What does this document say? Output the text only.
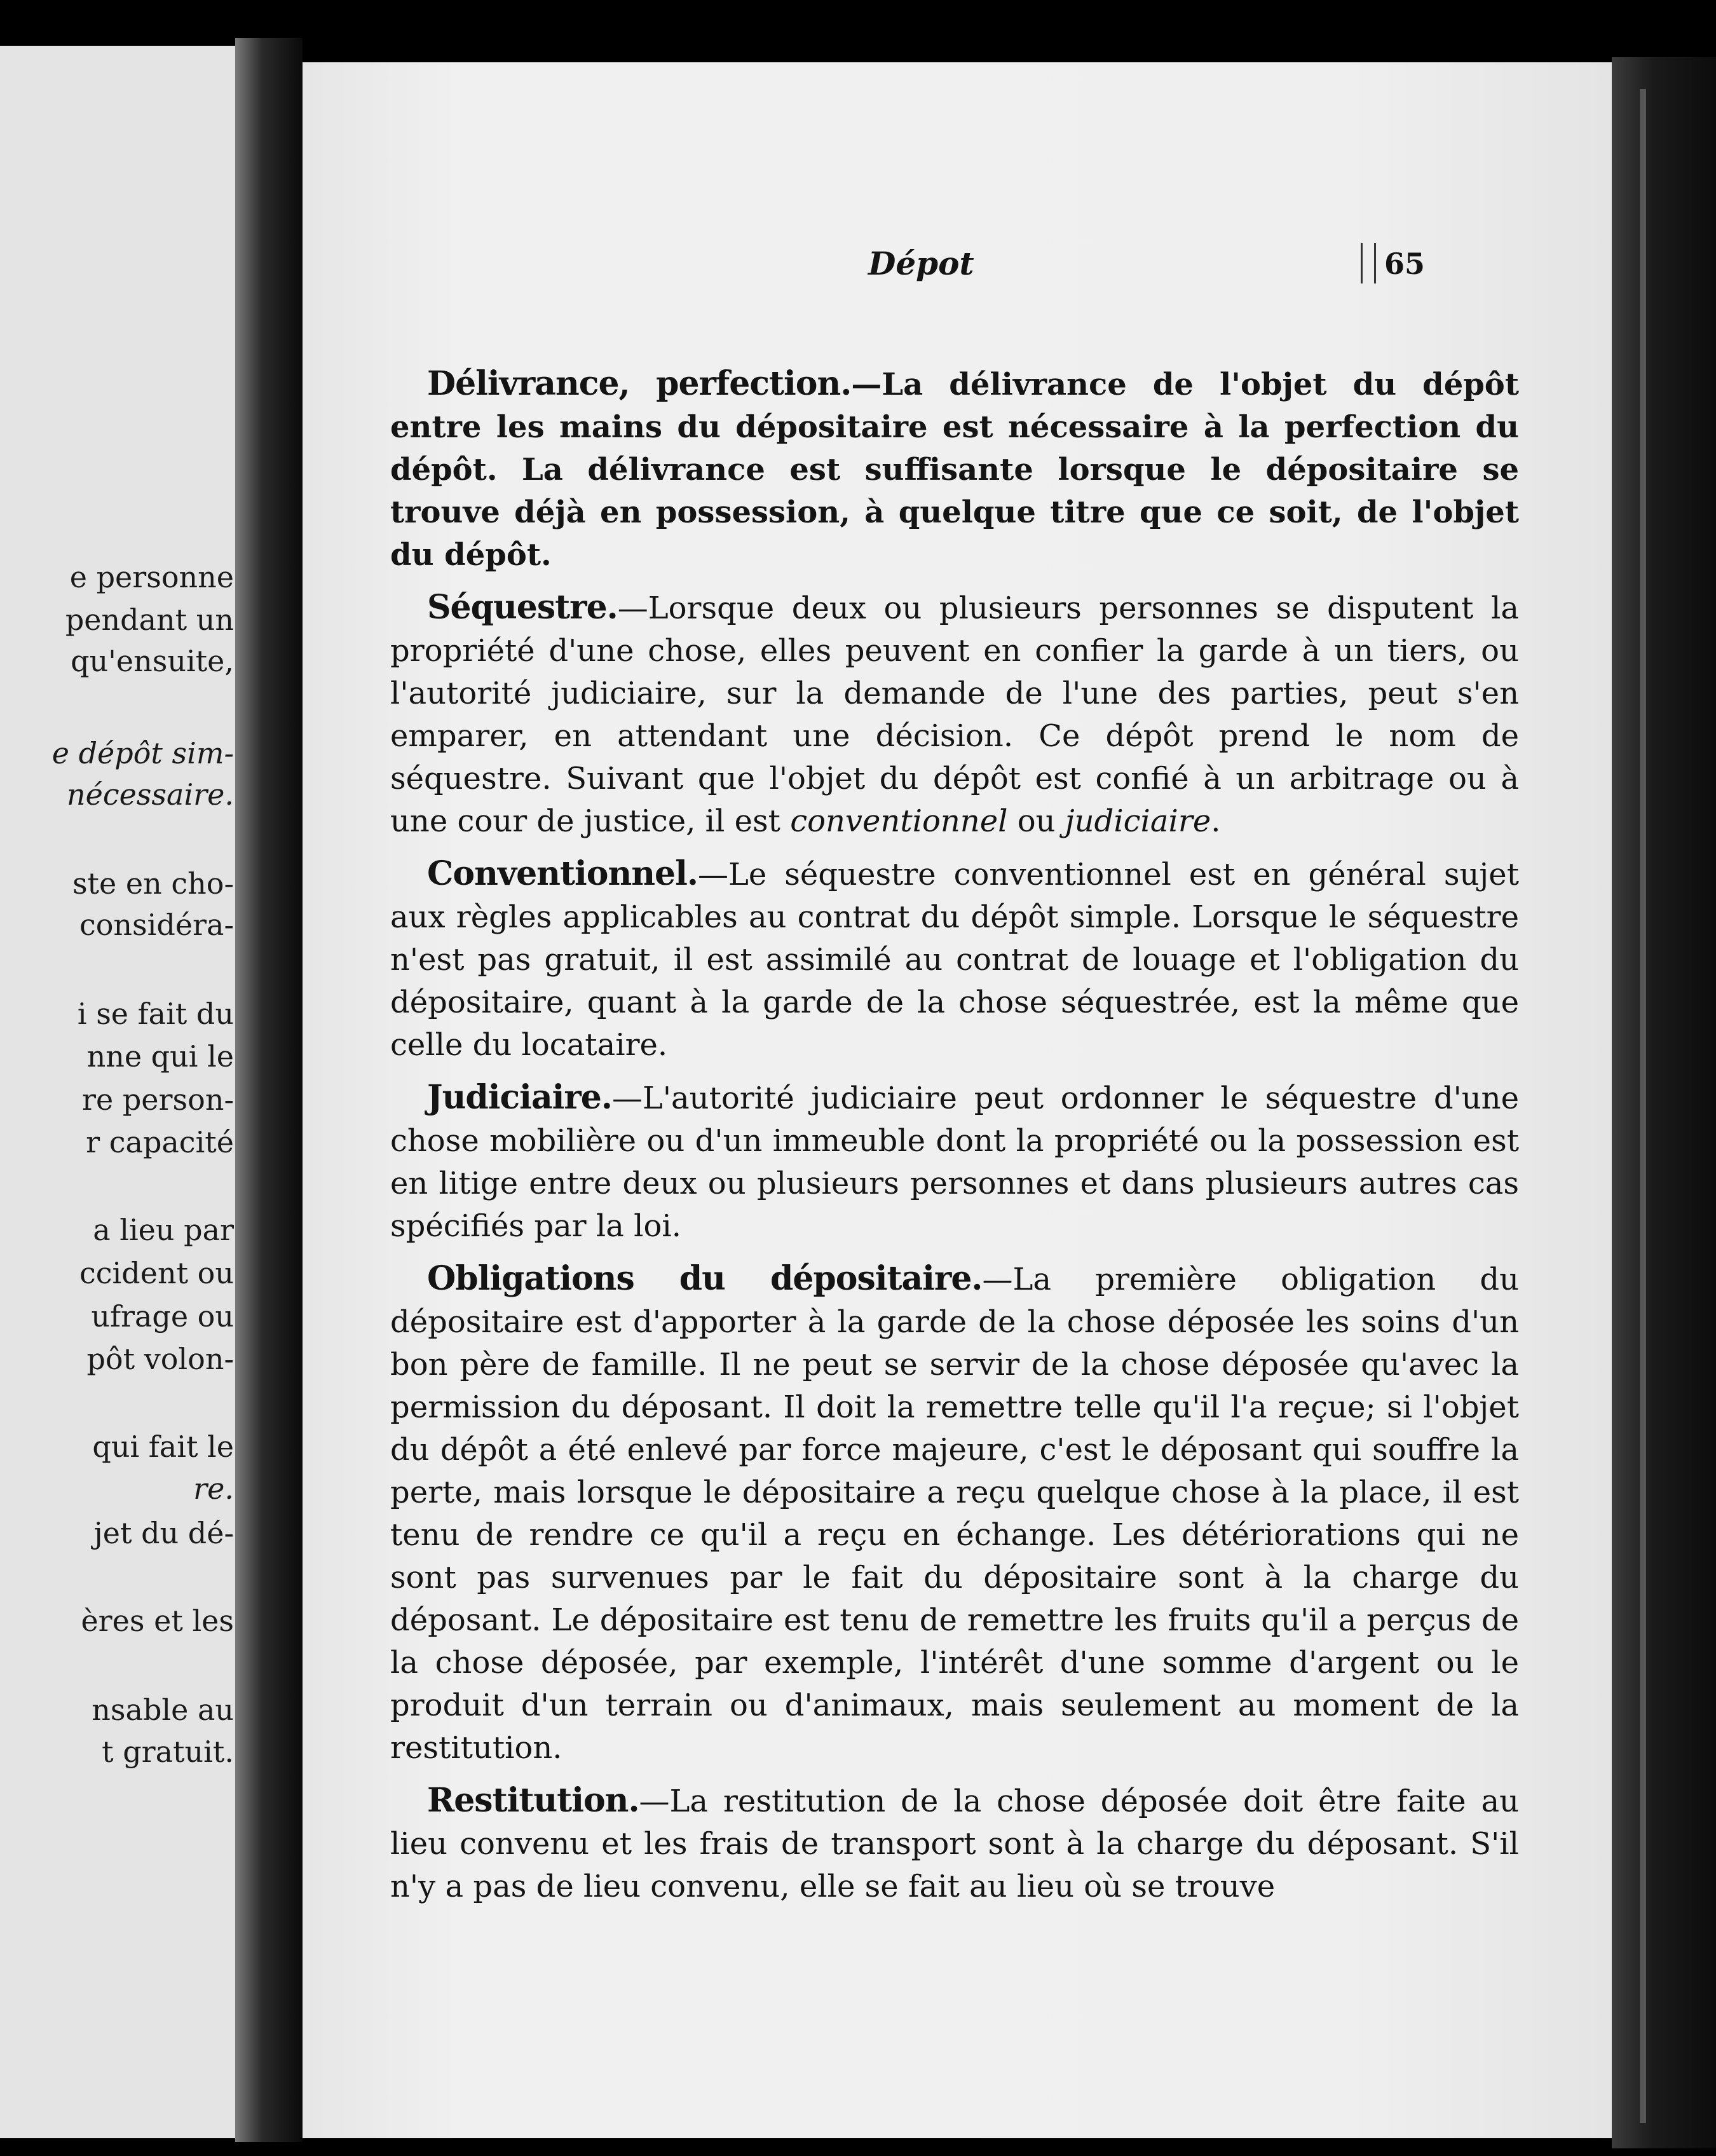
e personne
pendant un
qu'ensuite,
e dépôt sim-
nécessaire.
ste en cho-
considéra-
i se fait du
nne qui le
re person-
r capacité
a lieu par
ccident ou
ufrage ou
pôt volon-
qui fait le
re.
jet du dé-
ères et les
nsable au
t gratuit.
Dépot	65

Délivrance, perfection.—La délivrance de l'objet du dépôt entre les mains du dépositaire est nécessaire à la perfection du dépôt. La délivrance est suffisante lorsque le dépositaire se trouve déjà en possession, à quelque titre que ce soit, de l'objet du dépôt.

Séquestre.—Lorsque deux ou plusieurs personnes se disputent la propriété d'une chose, elles peuvent en confier la garde à un tiers, ou l'autorité judiciaire, sur la demande de l'une des parties, peut s'en emparer, en attendant une décision. Ce dépôt prend le nom de séquestre. Suivant que l'objet du dépôt est confié à un arbitrage ou à une cour de justice, il est conventionnel ou judiciaire.

Conventionnel.—Le séquestre conventionnel est en général sujet aux règles applicables au contrat du dépôt simple. Lorsque le séquestre n'est pas gratuit, il est assimilé au contrat de louage et l'obligation du dépositaire, quant à la garde de la chose séquestrée, est la même que celle du locataire.

Judiciaire.—L'autorité judiciaire peut ordonner le séquestre d'une chose mobilière ou d'un immeuble dont la propriété ou la possession est en litige entre deux ou plusieurs personnes et dans plusieurs autres cas spécifiés par la loi.

Obligations du dépositaire.—La première obligation du dépositaire est d'apporter à la garde de la chose déposée les soins d'un bon père de famille. Il ne peut se servir de la chose déposée qu'avec la permission du déposant. Il doit la remettre telle qu'il l'a reçue; si l'objet du dépôt a été enlevé par force majeure, c'est le déposant qui souffre la perte, mais lorsque le dépositaire a reçu quelque chose à la place, il est tenu de rendre ce qu'il a reçu en échange. Les détériorations qui ne sont pas survenues par le fait du dépositaire sont à la charge du déposant. Le dépositaire est tenu de remettre les fruits qu'il a perçus de la chose déposée, par exemple, l'intérêt d'une somme d'argent ou le produit d'un terrain ou d'animaux, mais seulement au moment de la restitution.

Restitution.—La restitution de la chose déposée doit être faite au lieu convenu et les frais de transport sont à la charge du déposant. S'il n'y a pas de lieu convenu, elle se fait au lieu où se trouve
